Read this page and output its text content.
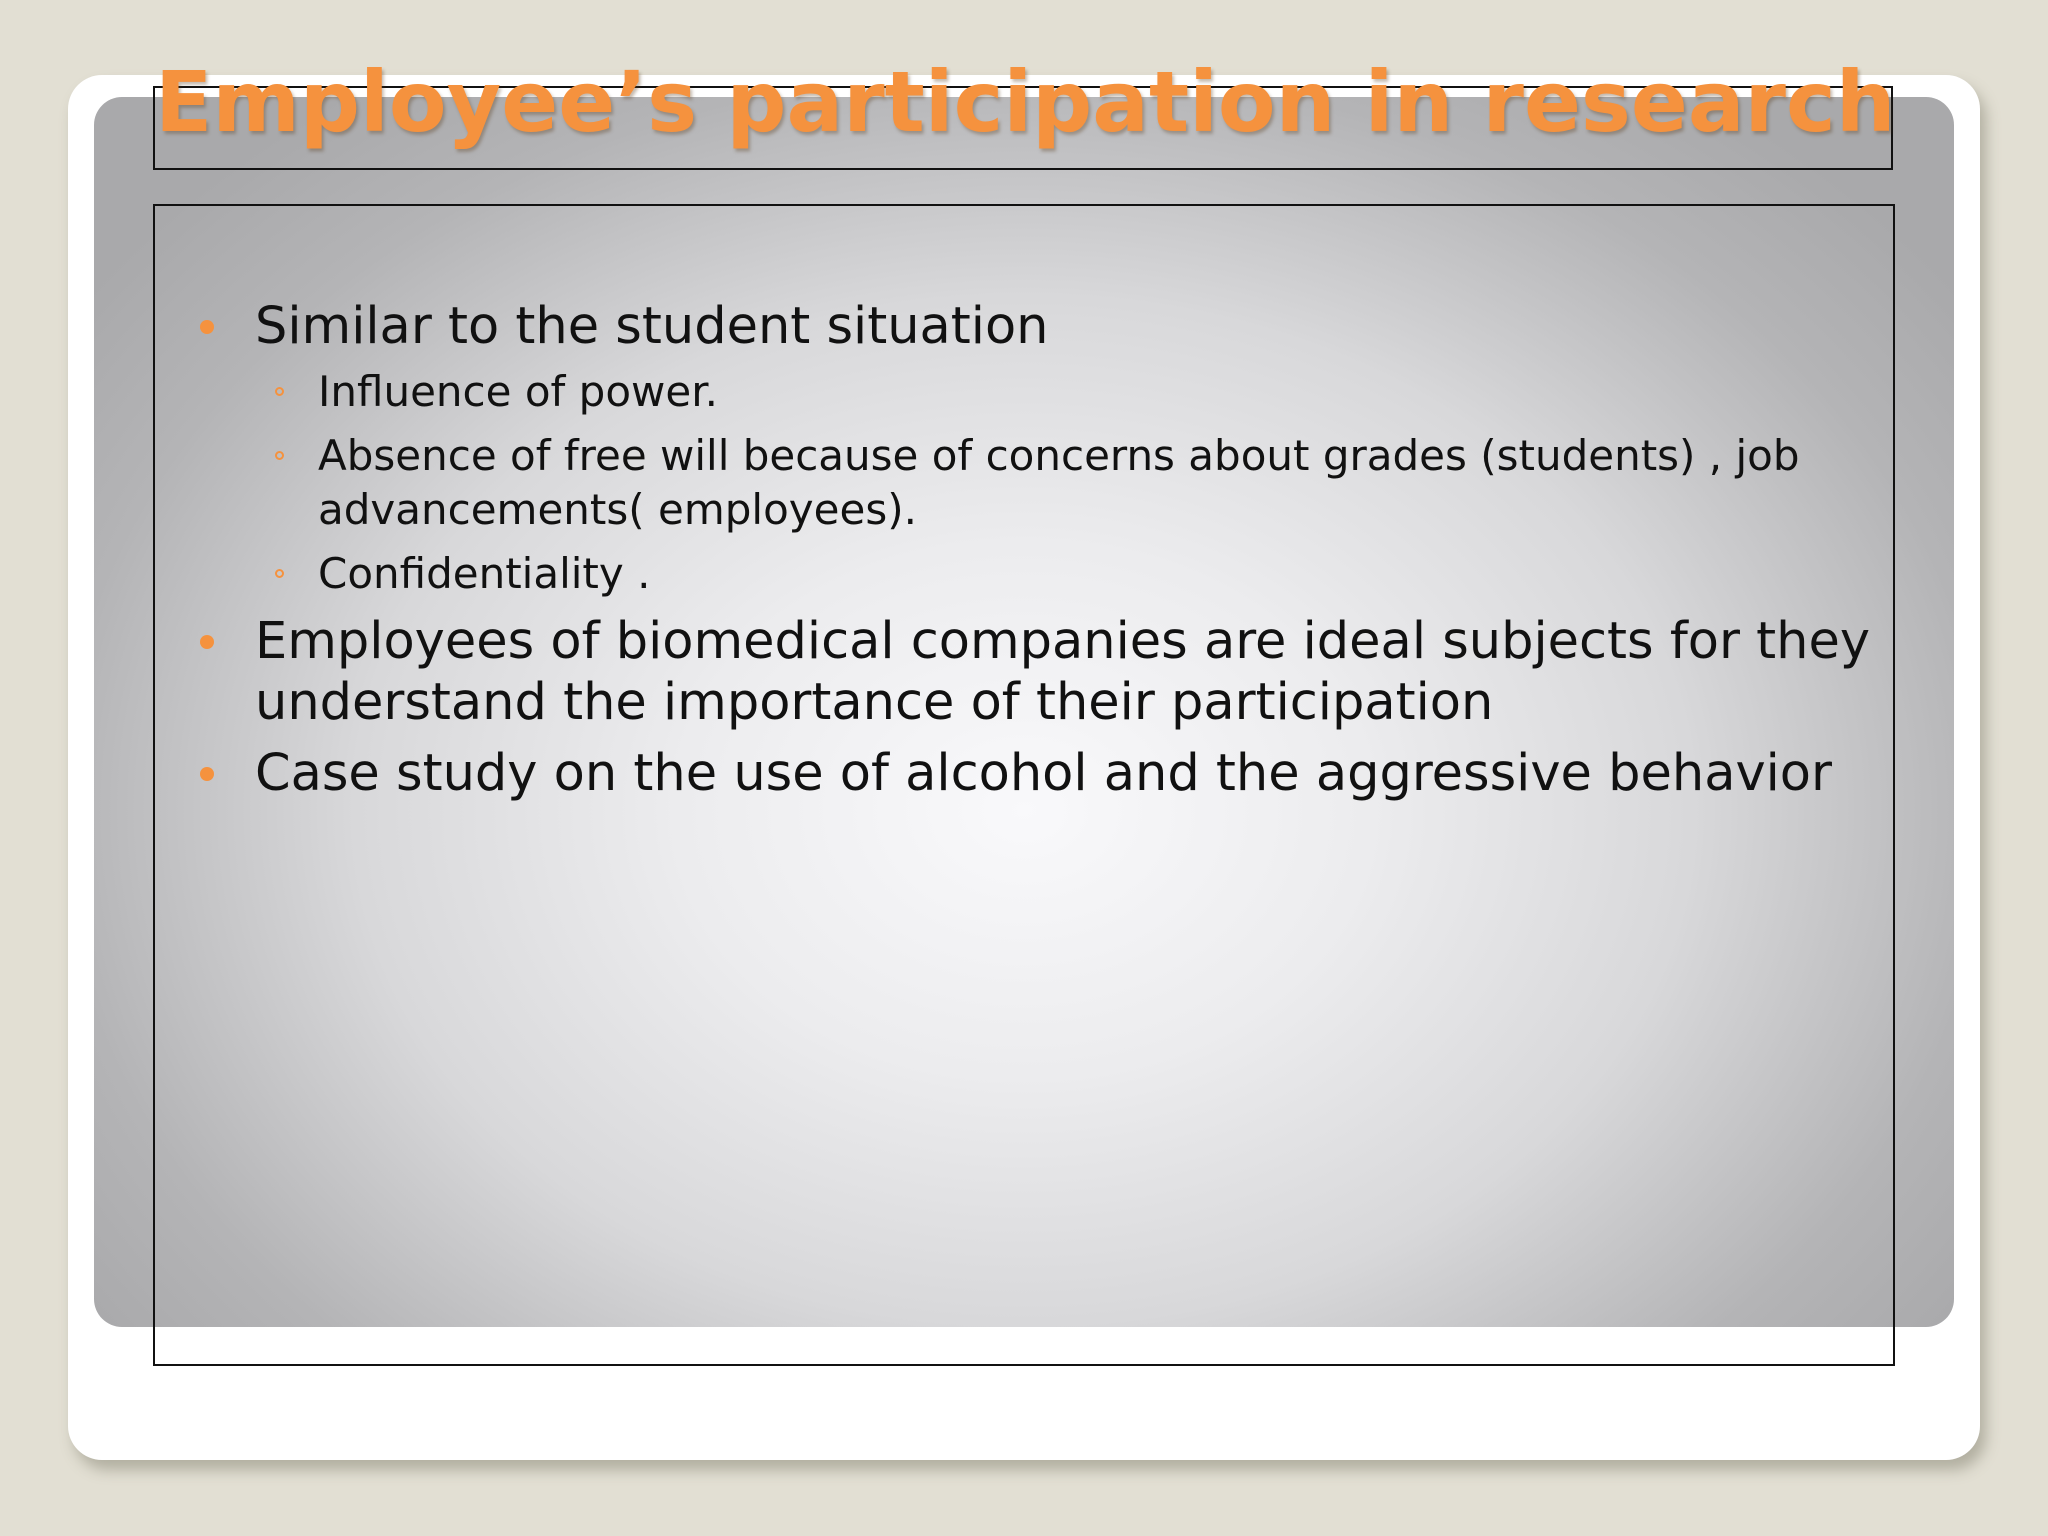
Employee’s participation in research
Similar to the student situation
Influence of power.
Absence of free will because of concerns about grades (students) , job advancements( employees).
Confidentiality .
Employees of biomedical companies are ideal subjects for they understand the importance of their participation
Case study on the use of alcohol and the aggressive behavior
